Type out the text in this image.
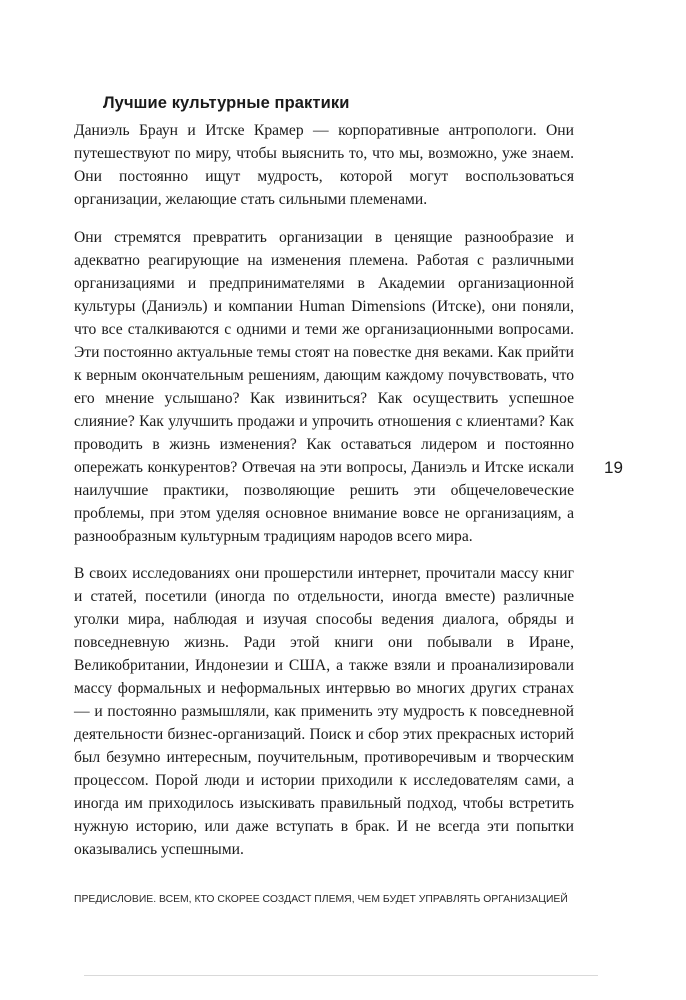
Лучшие культурные практики

Даниэль Браун и Итске Крамер — корпоративные антропологи. Они путешествуют по миру, чтобы выяснить то, что мы, возможно, уже знаем. Они постоянно ищут мудрость, которой могут воспользоваться организации, желающие стать сильными племенами.

Они стремятся превратить организации в ценящие разнообразие и адекватно реагирующие на изменения племена. Работая с различными организациями и предпринимателями в Академии организационной культуры (Даниэль) и компании Human Dimensions (Итске), они поняли, что все сталкиваются с одними и теми же организационными вопросами. Эти постоянно актуальные темы стоят на повестке дня веками. Как прийти к верным окончательным решениям, дающим каждому почувствовать, что его мнение услышано? Как извиниться? Как осуществить успешное слияние? Как улучшить продажи и упрочить отношения с клиентами? Как проводить в жизнь изменения? Как оставаться лидером и постоянно опережать конкурентов? Отвечая на эти вопросы, Даниэль и Итске искали наилучшие практики, позволяющие решить эти общечеловеческие проблемы, при этом уделяя основное внимание вовсе не организациям, а разнообразным культурным традициям народов всего мира.

В своих исследованиях они прошерстили интернет, прочитали массу книг и статей, посетили (иногда по отдельности, иногда вместе) различные уголки мира, наблюдая и изучая способы ведения диалога, обряды и повседневную жизнь. Ради этой книги они побывали в Иране, Великобритании, Индонезии и США, а также взяли и проанализировали массу формальных и неформальных интервью во многих других странах — и постоянно размышляли, как применить эту мудрость к повседневной деятельности бизнес-организаций. Поиск и сбор этих прекрасных историй был безумно интересным, поучительным, противоречивым и творческим процессом. Порой люди и истории приходили к исследователям сами, а иногда им приходилось изыскивать правильный подход, чтобы встретить нужную историю, или даже вступать в брак. И не всегда эти попытки оказывались успешными.

19
ПРЕДИСЛОВИЕ. ВСЕМ, КТО СКОРЕЕ СОЗДАСТ ПЛЕМЯ, ЧЕМ БУДЕТ УПРАВЛЯТЬ ОРГАНИЗАЦИЕЙ
